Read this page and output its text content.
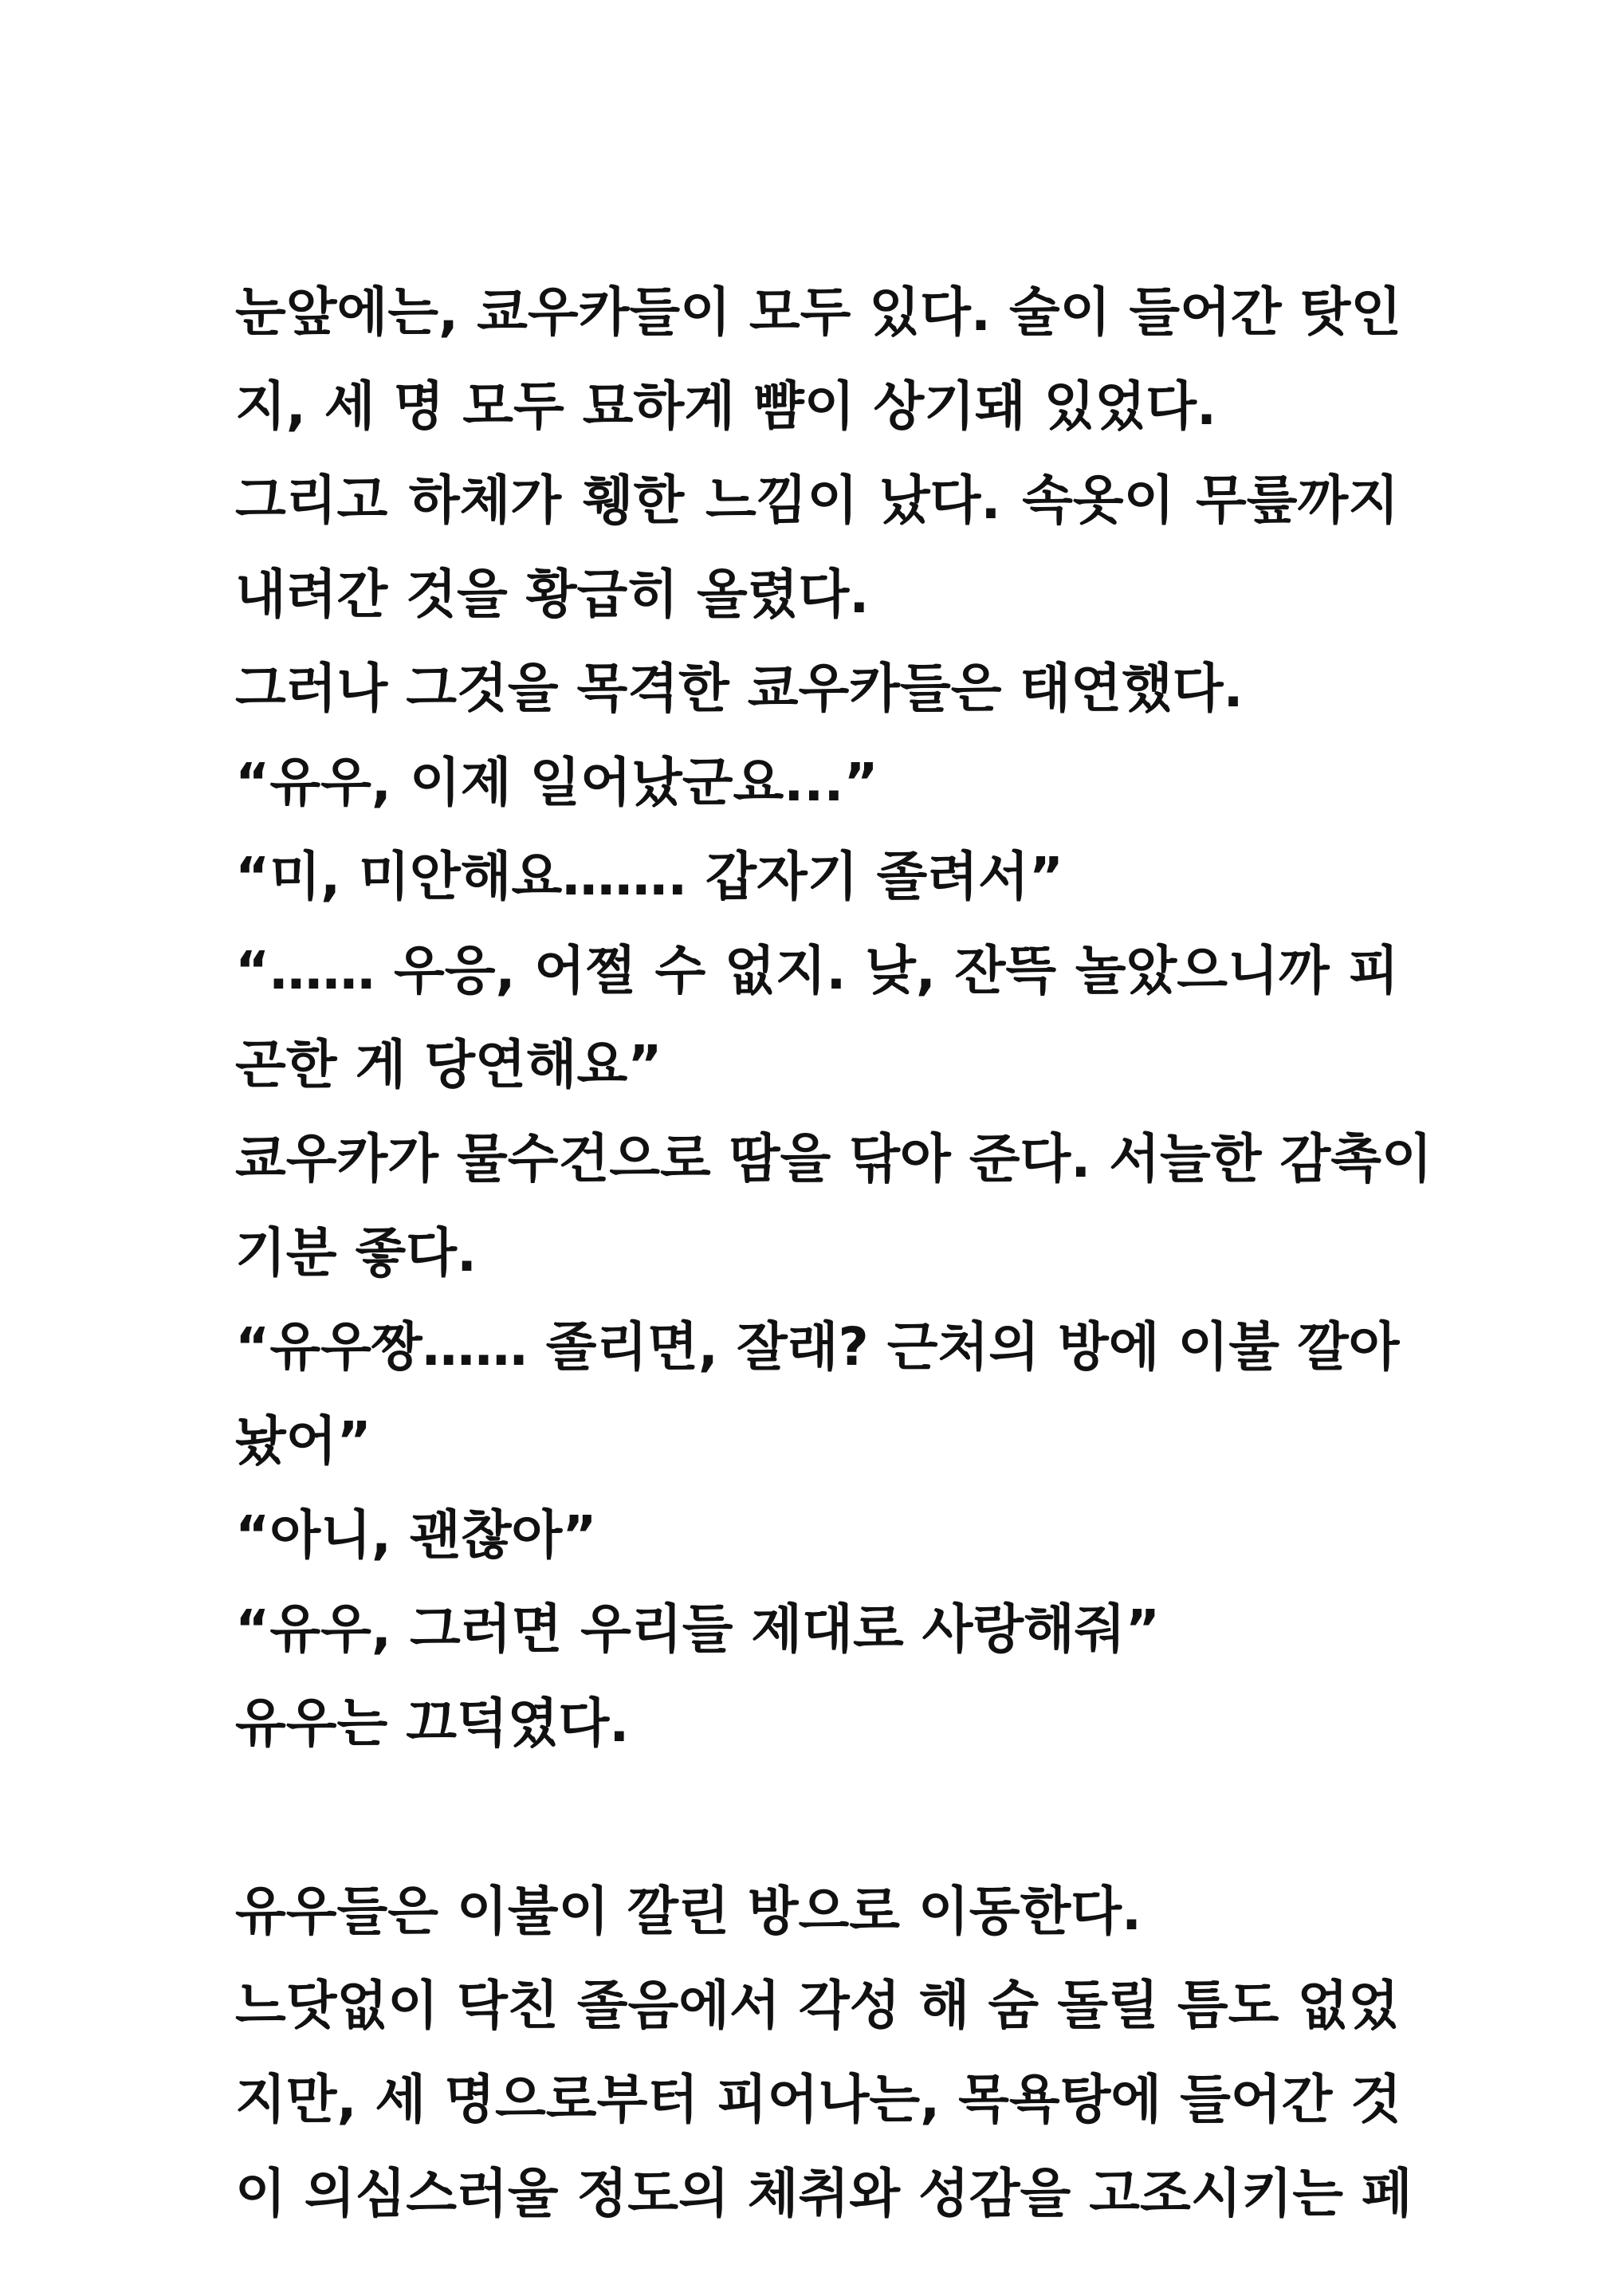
눈앞에는, 쿄우카들이 모두 있다. 술이 들어간 탓인
지, 세 명 모두 묘하게 뺨이 상기돼 있었다.
그리고 하체가 휑한 느낌이 났다. 속옷이 무릎까지
내려간 것을 황급히 올렸다.
그러나 그것을 목격한 쿄우카들은 태연했다.
“유우, 이제 일어났군요...”
“미, 미안해요……. 갑자기 졸려서”
“…… 우응, 어쩔 수 없지. 낮, 잔뜩 놀았으니까 피
곤한 게 당연해요”
쿄우카가 물수건으로 땀을 닦아 준다. 서늘한 감촉이
기분 좋다.
“유우짱…… 졸리면, 잘래? 근처의 방에 이불 깔아
놨어”
“아니, 괜찮아”
“유우, 그러면 우리들 제대로 사랑해줘”
유우는 끄덕였다.
유우들은 이불이 깔린 방으로 이동한다.
느닷없이 닥친 졸음에서 각성 해 숨 돌릴 틈도 없었
지만, 세 명으로부터 피어나는, 목욕탕에 들어간 것
이 의심스러울 정도의 체취와 성감을 고조시키는 페
